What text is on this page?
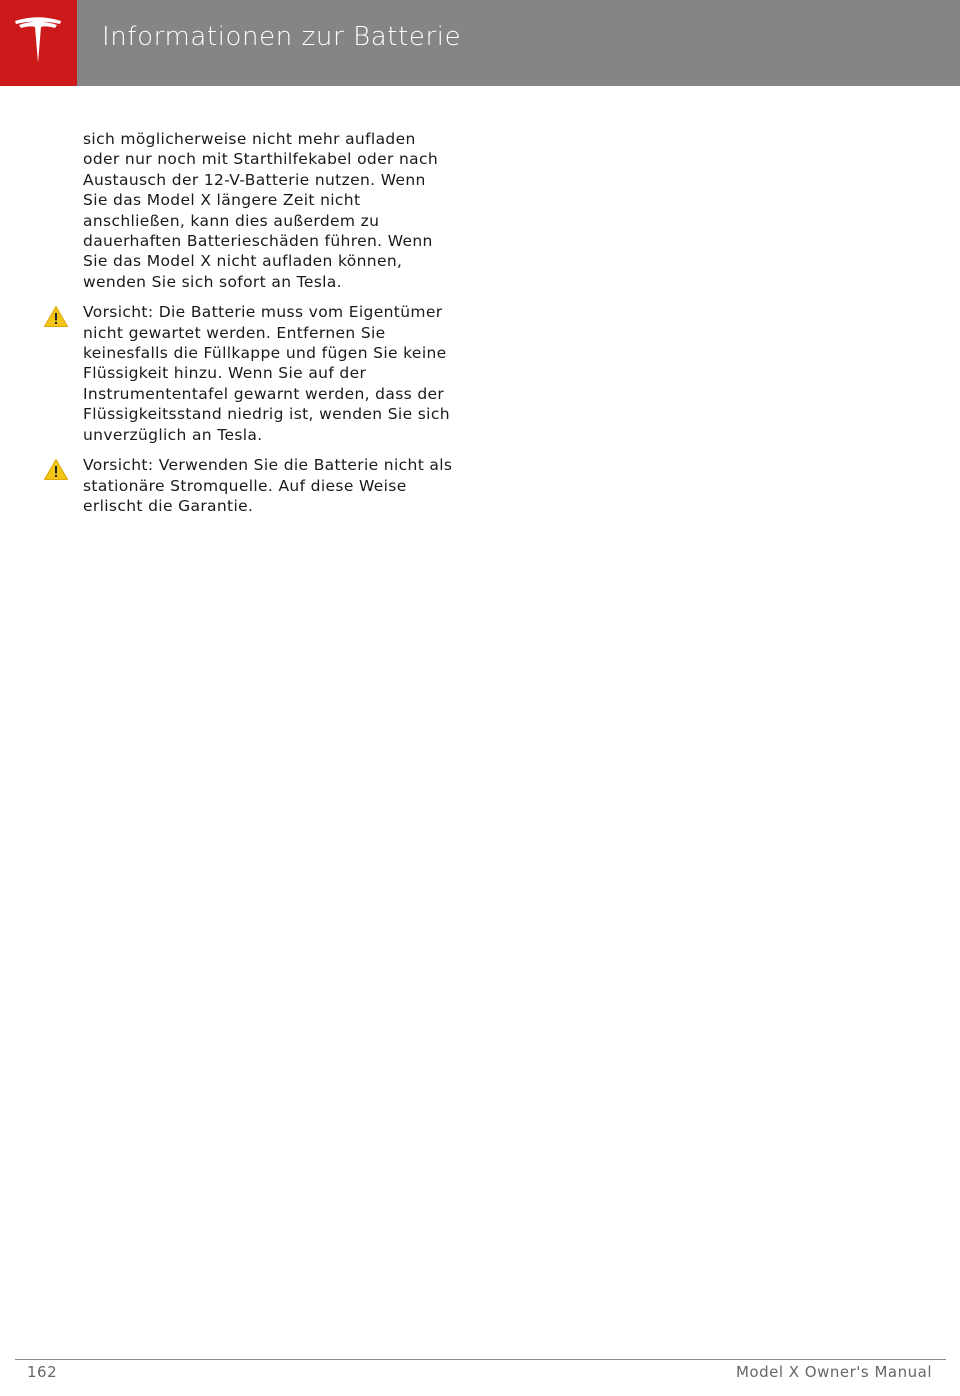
Informationen zur Batterie

sich möglicherweise nicht mehr aufladen oder nur noch mit Starthilfekabel oder nach Austausch der 12-V-Batterie nutzen. Wenn Sie das Model X längere Zeit nicht anschließen, kann dies außerdem zu dauerhaften Batterieschäden führen. Wenn Sie das Model X nicht aufladen können, wenden Sie sich sofort an Tesla.

Vorsicht: Die Batterie muss vom Eigentümer nicht gewartet werden. Entfernen Sie keinesfalls die Füllkappe und fügen Sie keine Flüssigkeit hinzu. Wenn Sie auf der Instrumententafel gewarnt werden, dass der Flüssigkeitsstand niedrig ist, wenden Sie sich unverzüglich an Tesla.
Vorsicht: Verwenden Sie die Batterie nicht als stationäre Stromquelle. Auf diese Weise erlischt die Garantie.
162	Model X Owner's Manual
